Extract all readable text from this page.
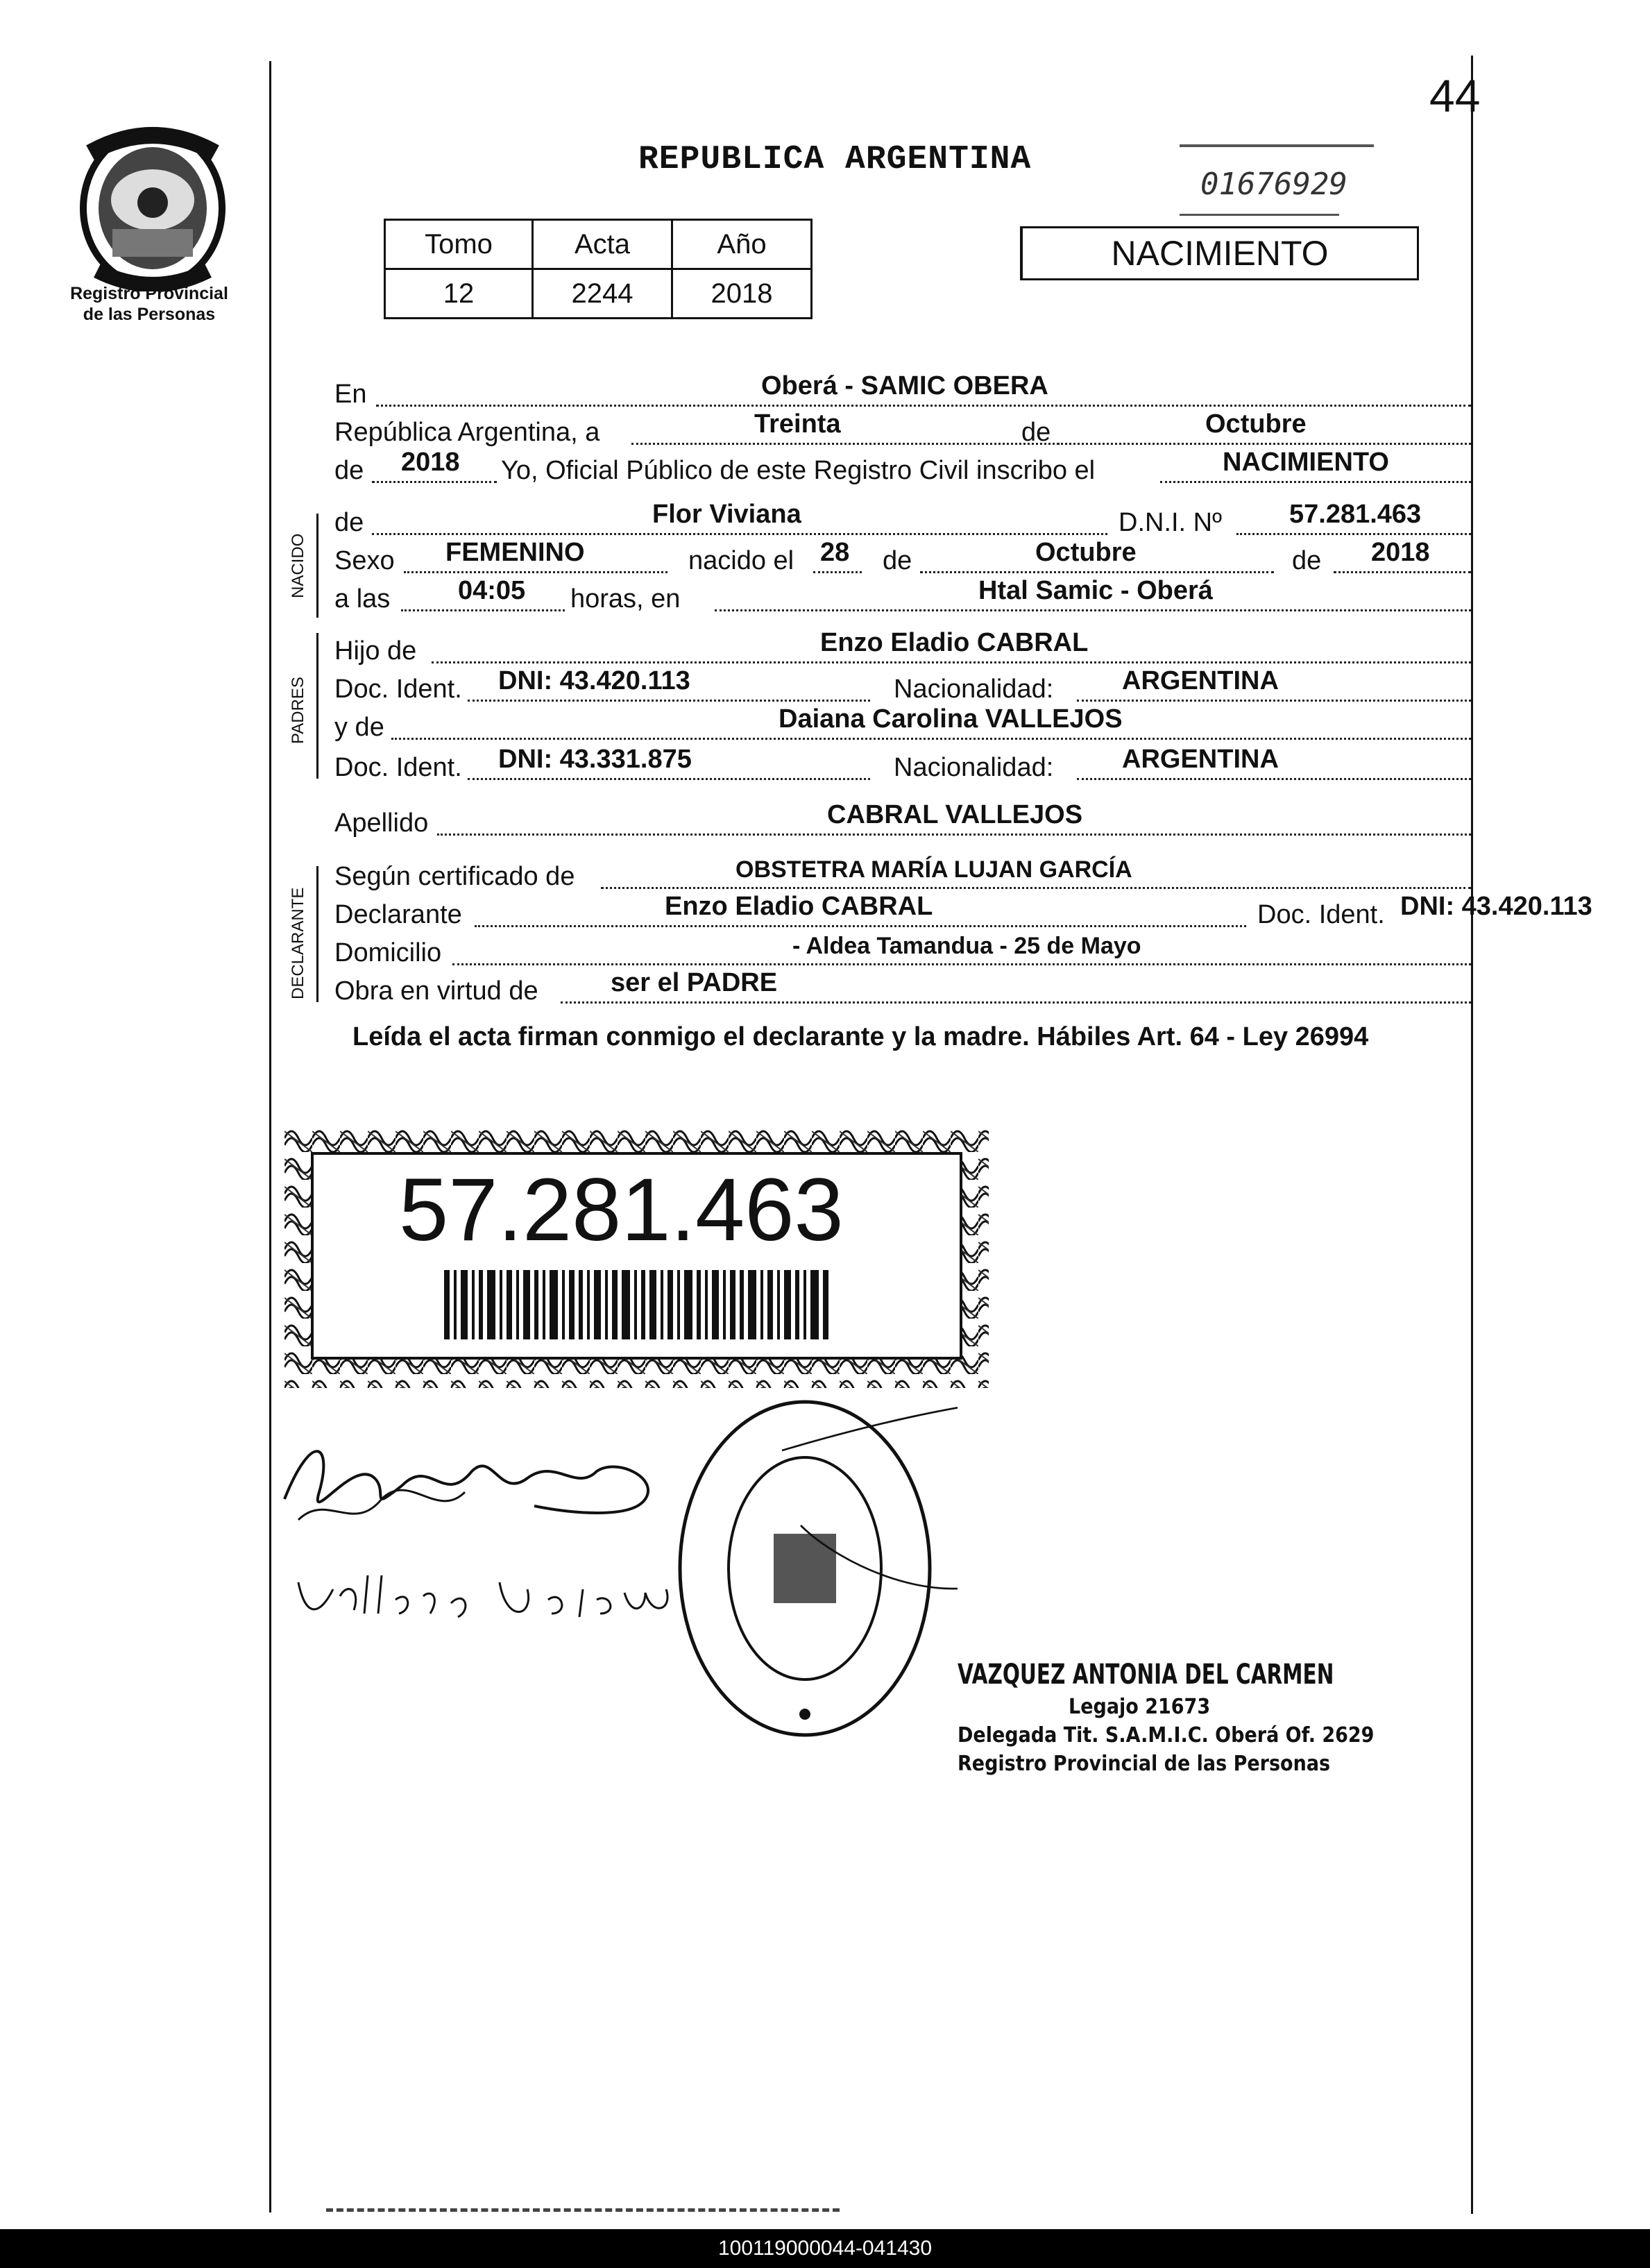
44
Registro Provincial
de las Personas
REPUBLICA ARGENTINA
01676929
Tomo	Acta	Año
12	2244	2018
NACIMIENTO
En	Oberá - SAMIC OBERA
República Argentina, a	Treinta	de	Octubre
de 2018 Yo, Oficial Público de este Registro Civil inscribo el	NACIMIENTO
NACIDO
de	Flor Viviana	D.N.I. Nº	57.281.463
Sexo FEMENINO	nacido el 28 de	Octubre	de 2018
a las	04:05 horas, en	Htal Samic - Oberá
PADRES
Hijo de	Enzo Eladio CABRAL
Doc. Ident. DNI: 43.420.113	Nacionalidad:	ARGENTINA
y de	Daiana Carolina VALLEJOS
Doc. Ident. DNI: 43.331.875	Nacionalidad:	ARGENTINA
Apellido	CABRAL VALLEJOS
DECLARANTE
Según certificado de	OBSTETRA MARÍA LUJAN GARCÍA
Declarante	Enzo Eladio CABRAL	Doc. Ident. DNI: 43.420.113
Domicilio	- Aldea Tamandua - 25 de Mayo
Obra en virtud de	ser el PADRE
Leída el acta firman conmigo el declarante y la madre. Hábiles Art. 64 - Ley 26994
57.281.463
VAZQUEZ ANTONIA DEL CARMEN
Legajo 21673
Delegada Tit. S.A.M.I.C. Oberá Of. 2629
Registro Provincial de las Personas
100119000044-041430
